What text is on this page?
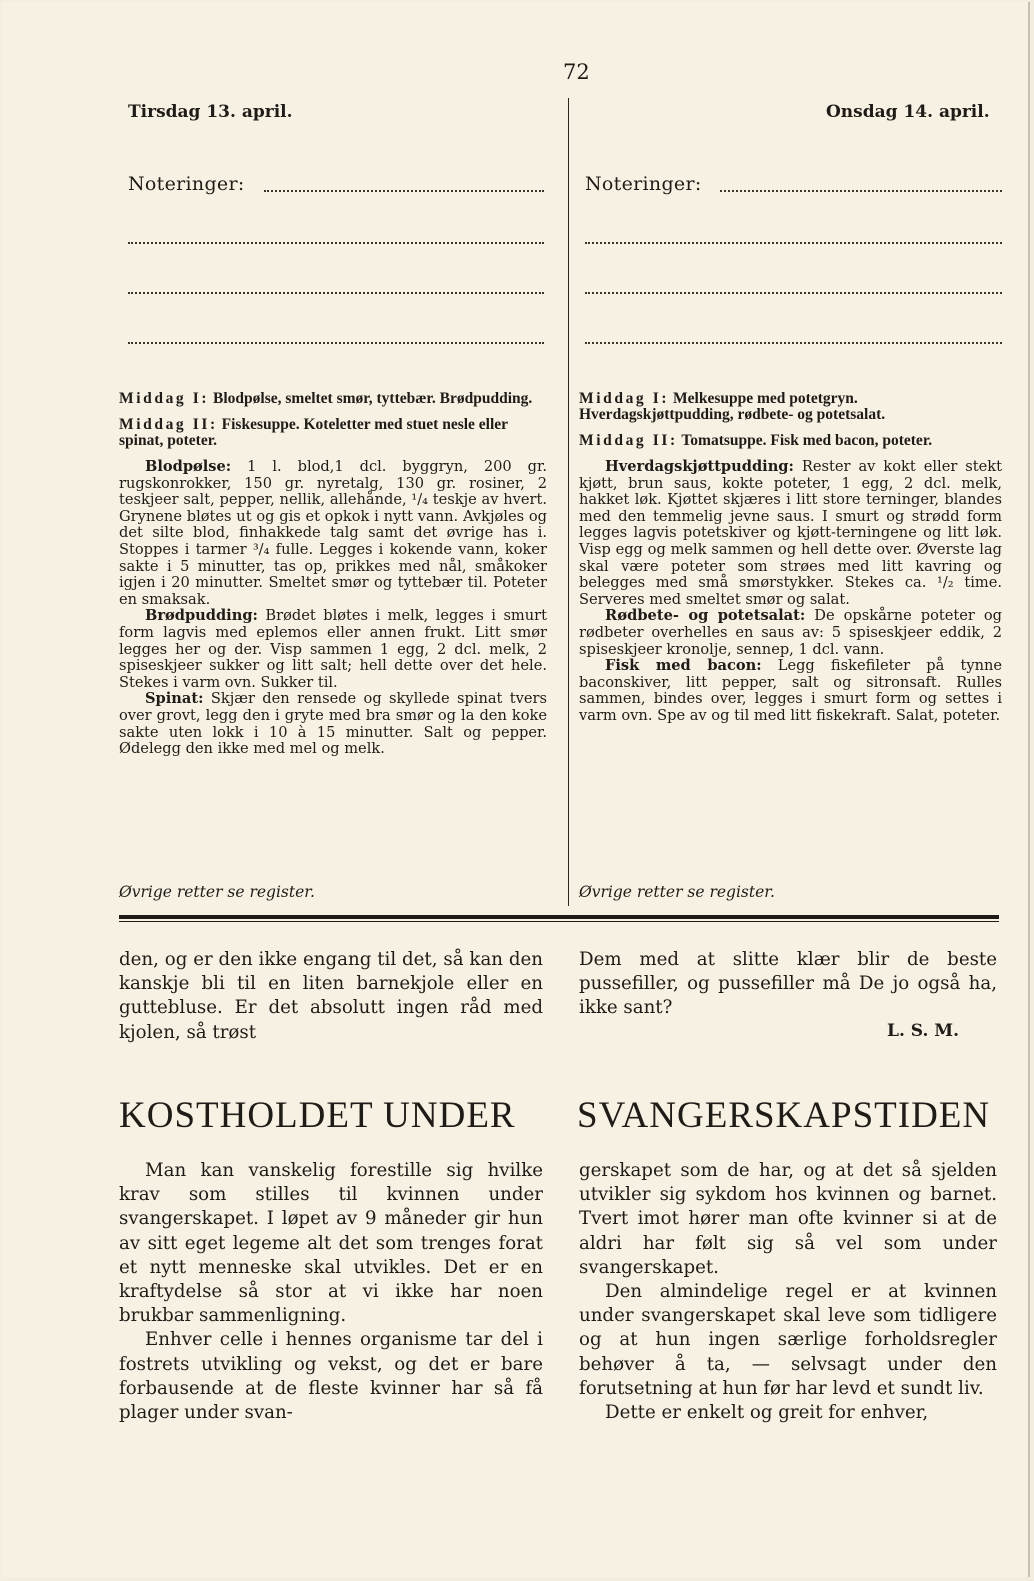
72
Tirsdag 13. april.	Onsdag 14. april.
Noteringer:	Noteringer:

Middag I: Blodpølse, smeltet smør, tyttebær. Brødpudding.

Middag II: Fiskesuppe. Koteletter med stuet nesle eller spinat, poteter.

Blodpølse: 1 l. blod,1 dcl. byggryn, 200 gr. rugskonrokker, 150 gr. nyretalg, 130 gr. rosiner, 2 teskjeer salt, pepper, nellik, allehånde, ¹/₄ teskje av hvert. Grynene bløtes ut og gis et opkok i nytt vann. Avkjøles og det silte blod, finhakkede talg samt det øvrige has i. Stoppes i tarmer ³/₄ fulle. Legges i kokende vann, koker sakte i 5 minutter, tas op, prikkes med nål, småkoker igjen i 20 minutter. Smeltet smør og tyttebær til. Poteter en smaksak.

Brødpudding: Brødet bløtes i melk, legges i smurt form lagvis med eplemos eller annen frukt. Litt smør legges her og der. Visp sammen 1 egg, 2 dcl. melk, 2 spiseskjeer sukker og litt salt; hell dette over det hele. Stekes i varm ovn. Sukker til.

Spinat: Skjær den rensede og skyllede spinat tvers over grovt, legg den i gryte med bra smør og la den koke sakte uten lokk i 10 à 15 minutter. Salt og pepper. Ødelegg den ikke med mel og melk.

Øvrige retter se register.

Middag I: Melkesuppe med potetgryn. Hverdagskjøttpudding, rødbete- og potetsalat.

Middag II: Tomatsuppe. Fisk med bacon, poteter.

Hverdagskjøttpudding: Rester av kokt eller stekt kjøtt, brun saus, kokte poteter, 1 egg, 2 dcl. melk, hakket løk. Kjøttet skjæres i litt store terninger, blandes med den temmelig jevne saus. I smurt og strødd form legges lagvis potetskiver og kjøtt-terningene og litt løk. Visp egg og melk sammen og hell dette over. Øverste lag skal være poteter som strøes med litt kavring og belegges med små smørstykker. Stekes ca. ¹/₂ time. Serveres med smeltet smør og salat.

Rødbete- og potetsalat: De opskårne poteter og rødbeter overhelles en saus av: 5 spiseskjeer eddik, 2 spiseskjeer kronolje, sennep, 1 dcl. vann.

Fisk med bacon: Legg fiskefileter på tynne baconskiver, litt pepper, salt og sitronsaft. Rulles sammen, bindes over, legges i smurt form og settes i varm ovn. Spe av og til med litt fiskekraft. Salat, poteter.

Øvrige retter se register.

den, og er den ikke engang til det, så kan den kanskje bli til en liten barnekjole eller en guttebluse. Er det absolutt ingen råd med kjolen, så trøst

Dem med at slitte klær blir de beste pussefiller, og pussefiller må De jo også ha, ikke sant?

L. S. M.
KOSTHOLDET UNDER SVANGERSKAPSTIDEN

Man kan vanskelig forestille sig hvilke krav som stilles til kvinnen under svangerskapet. I løpet av 9 måneder gir hun av sitt eget legeme alt det som trenges forat et nytt menneske skal utvikles. Det er en kraftydelse så stor at vi ikke har noen brukbar sammenligning.

Enhver celle i hennes organisme tar del i fostrets utvikling og vekst, og det er bare forbausende at de fleste kvinner har så få plager under svan-

gerskapet som de har, og at det så sjelden utvikler sig sykdom hos kvinnen og barnet. Tvert imot hører man ofte kvinner si at de aldri har følt sig så vel som under svangerskapet.

Den almindelige regel er at kvinnen under svangerskapet skal leve som tidligere og at hun ingen særlige forholdsregler behøver å ta, — selvsagt under den forutsetning at hun før har levd et sundt liv.

Dette er enkelt og greit for enhver,
